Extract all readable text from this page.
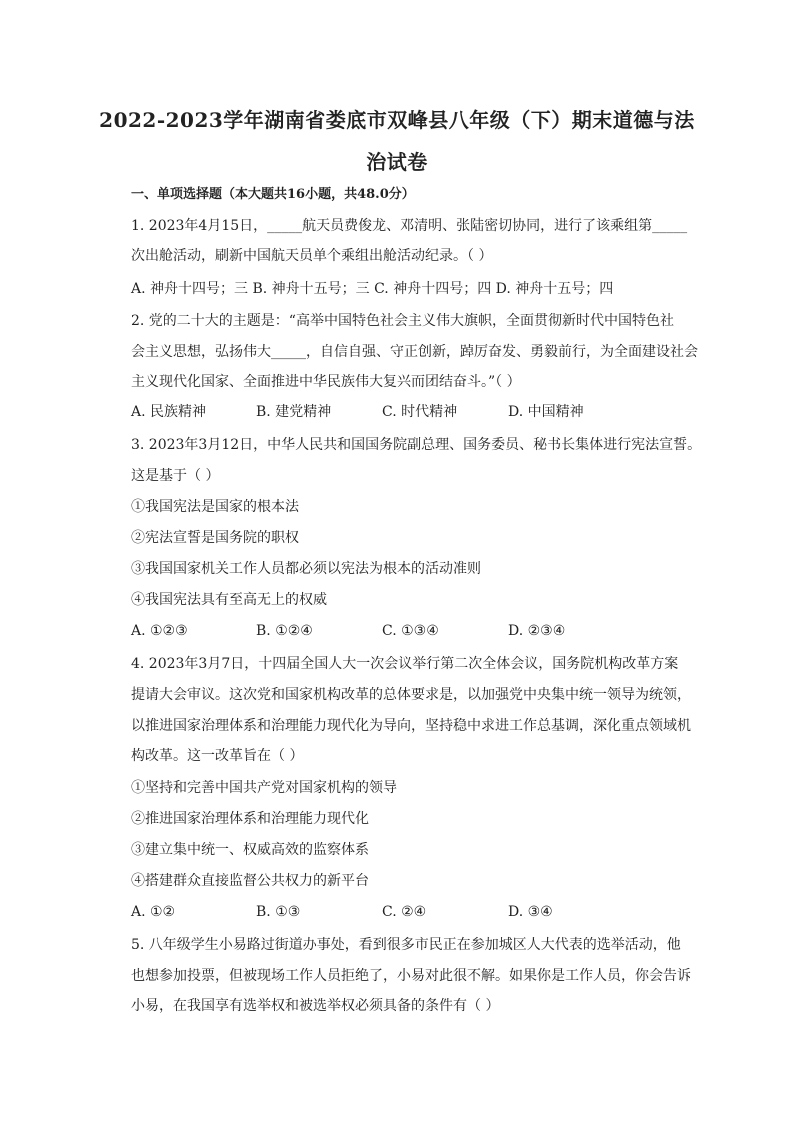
2022-2023学年湖南省娄底市双峰县八年级（下）期末道德与法
治试卷
一、单项选择题（本大题共16小题，共48.0分）
1. 2023年4月15日，_____航天员费俊龙、邓清明、张陆密切协同，进行了该乘组第_____
次出舱活动，刷新中国航天员单个乘组出舱活动纪录。（ ）
A. 神舟十四号；三 B. 神舟十五号；三 C. 神舟十四号；四 D. 神舟十五号；四
2. 党的二十大的主题是：“高举中国特色社会主义伟大旗帜，全面贯彻新时代中国特色社
会主义思想，弘扬伟大_____，自信自强、守正创新，踔厉奋发、勇毅前行，为全面建设社会
主义现代化国家、全面推进中华民族伟大复兴而团结奋斗。”（ ）
A. 民族精神	B. 建党精神	C. 时代精神	D. 中国精神
3. 2023年3月12日，中华人民共和国国务院副总理、国务委员、秘书长集体进行宪法宣誓。
这是基于（ ）
①我国宪法是国家的根本法
②宪法宣誓是国务院的职权
③我国国家机关工作人员都必须以宪法为根本的活动准则
④我国宪法具有至高无上的权威
A. ①②③	B. ①②④	C. ①③④	D. ②③④
4. 2023年3月7日，十四届全国人大一次会议举行第二次全体会议，国务院机构改革方案
提请大会审议。这次党和国家机构改革的总体要求是，以加强党中央集中统一领导为统领，
以推进国家治理体系和治理能力现代化为导向，坚持稳中求进工作总基调，深化重点领域机
构改革。这一改革旨在（ ）
①坚持和完善中国共产党对国家机构的领导
②推进国家治理体系和治理能力现代化
③建立集中统一、权威高效的监察体系
④搭建群众直接监督公共权力的新平台
A. ①②	B. ①③	C. ②④	D. ③④
5. 八年级学生小易路过街道办事处，看到很多市民正在参加城区人大代表的选举活动，他
也想参加投票，但被现场工作人员拒绝了，小易对此很不解。如果你是工作人员，你会告诉
小易，在我国享有选举权和被选举权必须具备的条件有（ ）
